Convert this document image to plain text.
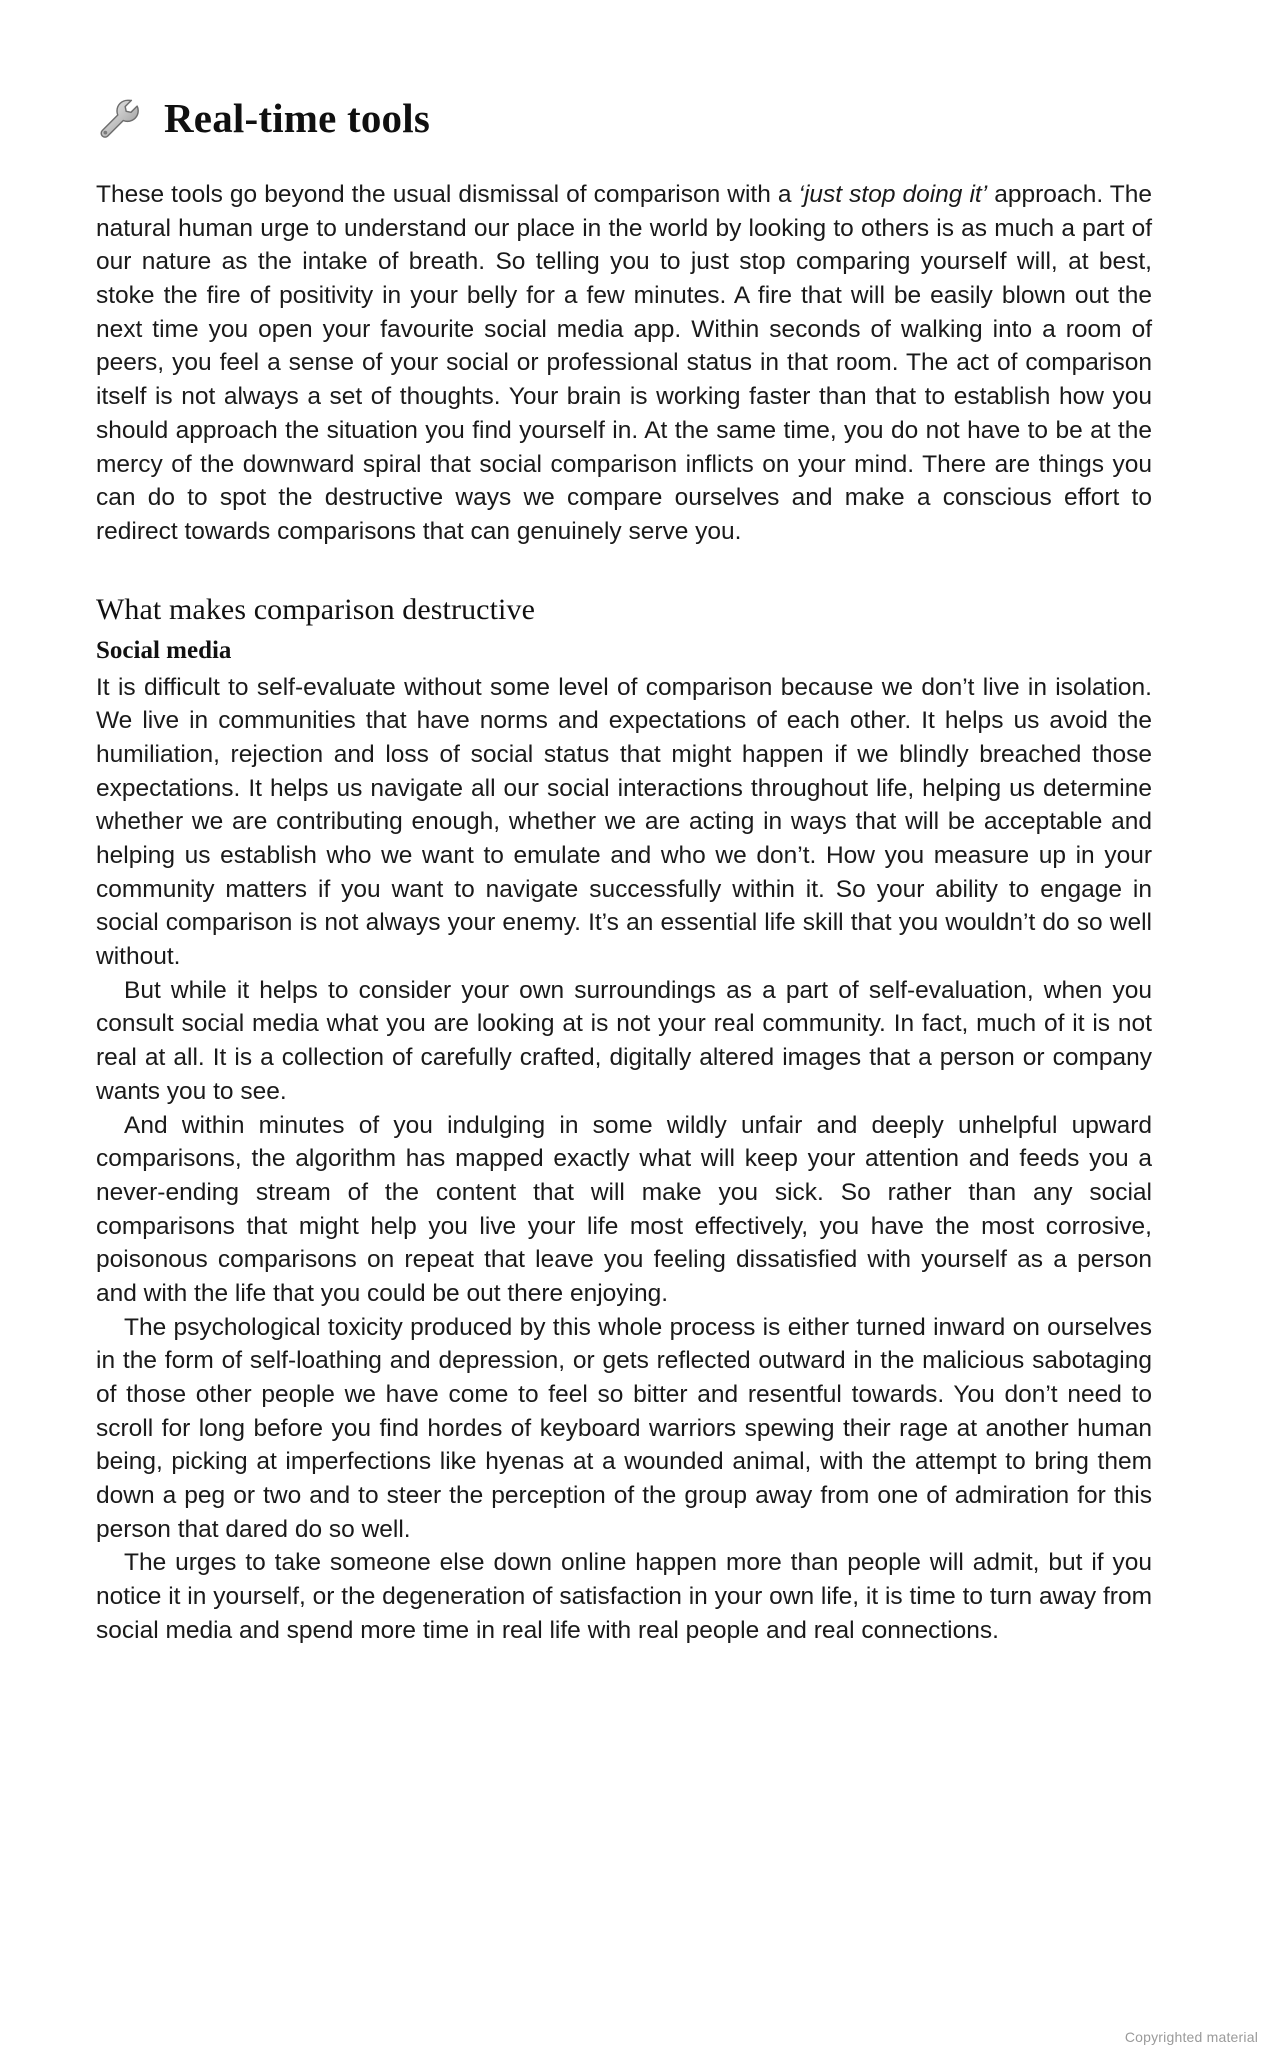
Real-time tools

These tools go beyond the usual dismissal of comparison with a ‘just stop doing it’ approach. The natural human urge to understand our place in the world by looking to others is as much a part of our nature as the intake of breath. So telling you to just stop comparing yourself will, at best, stoke the fire of positivity in your belly for a few minutes. A fire that will be easily blown out the next time you open your favourite social media app. Within seconds of walking into a room of peers, you feel a sense of your social or professional status in that room. The act of comparison itself is not always a set of thoughts. Your brain is working faster than that to establish how you should approach the situation you find yourself in. At the same time, you do not have to be at the mercy of the downward spiral that social comparison inflicts on your mind. There are things you can do to spot the destructive ways we compare ourselves and make a conscious effort to redirect towards comparisons that can genuinely serve you.

What makes comparison destructive
Social media

It is difficult to self-evaluate without some level of comparison because we don’t live in isolation. We live in communities that have norms and expectations of each other. It helps us avoid the humiliation, rejection and loss of social status that might happen if we blindly breached those expectations. It helps us navigate all our social interactions throughout life, helping us determine whether we are contributing enough, whether we are acting in ways that will be acceptable and helping us establish who we want to emulate and who we don’t. How you measure up in your community matters if you want to navigate successfully within it. So your ability to engage in social comparison is not always your enemy. It’s an essential life skill that you wouldn’t do so well without.

But while it helps to consider your own surroundings as a part of self-evaluation, when you consult social media what you are looking at is not your real community. In fact, much of it is not real at all. It is a collection of carefully crafted, digitally altered images that a person or company wants you to see.

And within minutes of you indulging in some wildly unfair and deeply unhelpful upward comparisons, the algorithm has mapped exactly what will keep your attention and feeds you a never-ending stream of the content that will make you sick. So rather than any social comparisons that might help you live your life most effectively, you have the most corrosive, poisonous comparisons on repeat that leave you feeling dissatisfied with yourself as a person and with the life that you could be out there enjoying.

The psychological toxicity produced by this whole process is either turned inward on ourselves in the form of self-loathing and depression, or gets reflected outward in the malicious sabotaging of those other people we have come to feel so bitter and resentful towards. You don’t need to scroll for long before you find hordes of keyboard warriors spewing their rage at another human being, picking at imperfections like hyenas at a wounded animal, with the attempt to bring them down a peg or two and to steer the perception of the group away from one of admiration for this person that dared do so well.

The urges to take someone else down online happen more than people will admit, but if you notice it in yourself, or the degeneration of satisfaction in your own life, it is time to turn away from social media and spend more time in real life with real people and real connections.

Copyrighted material
